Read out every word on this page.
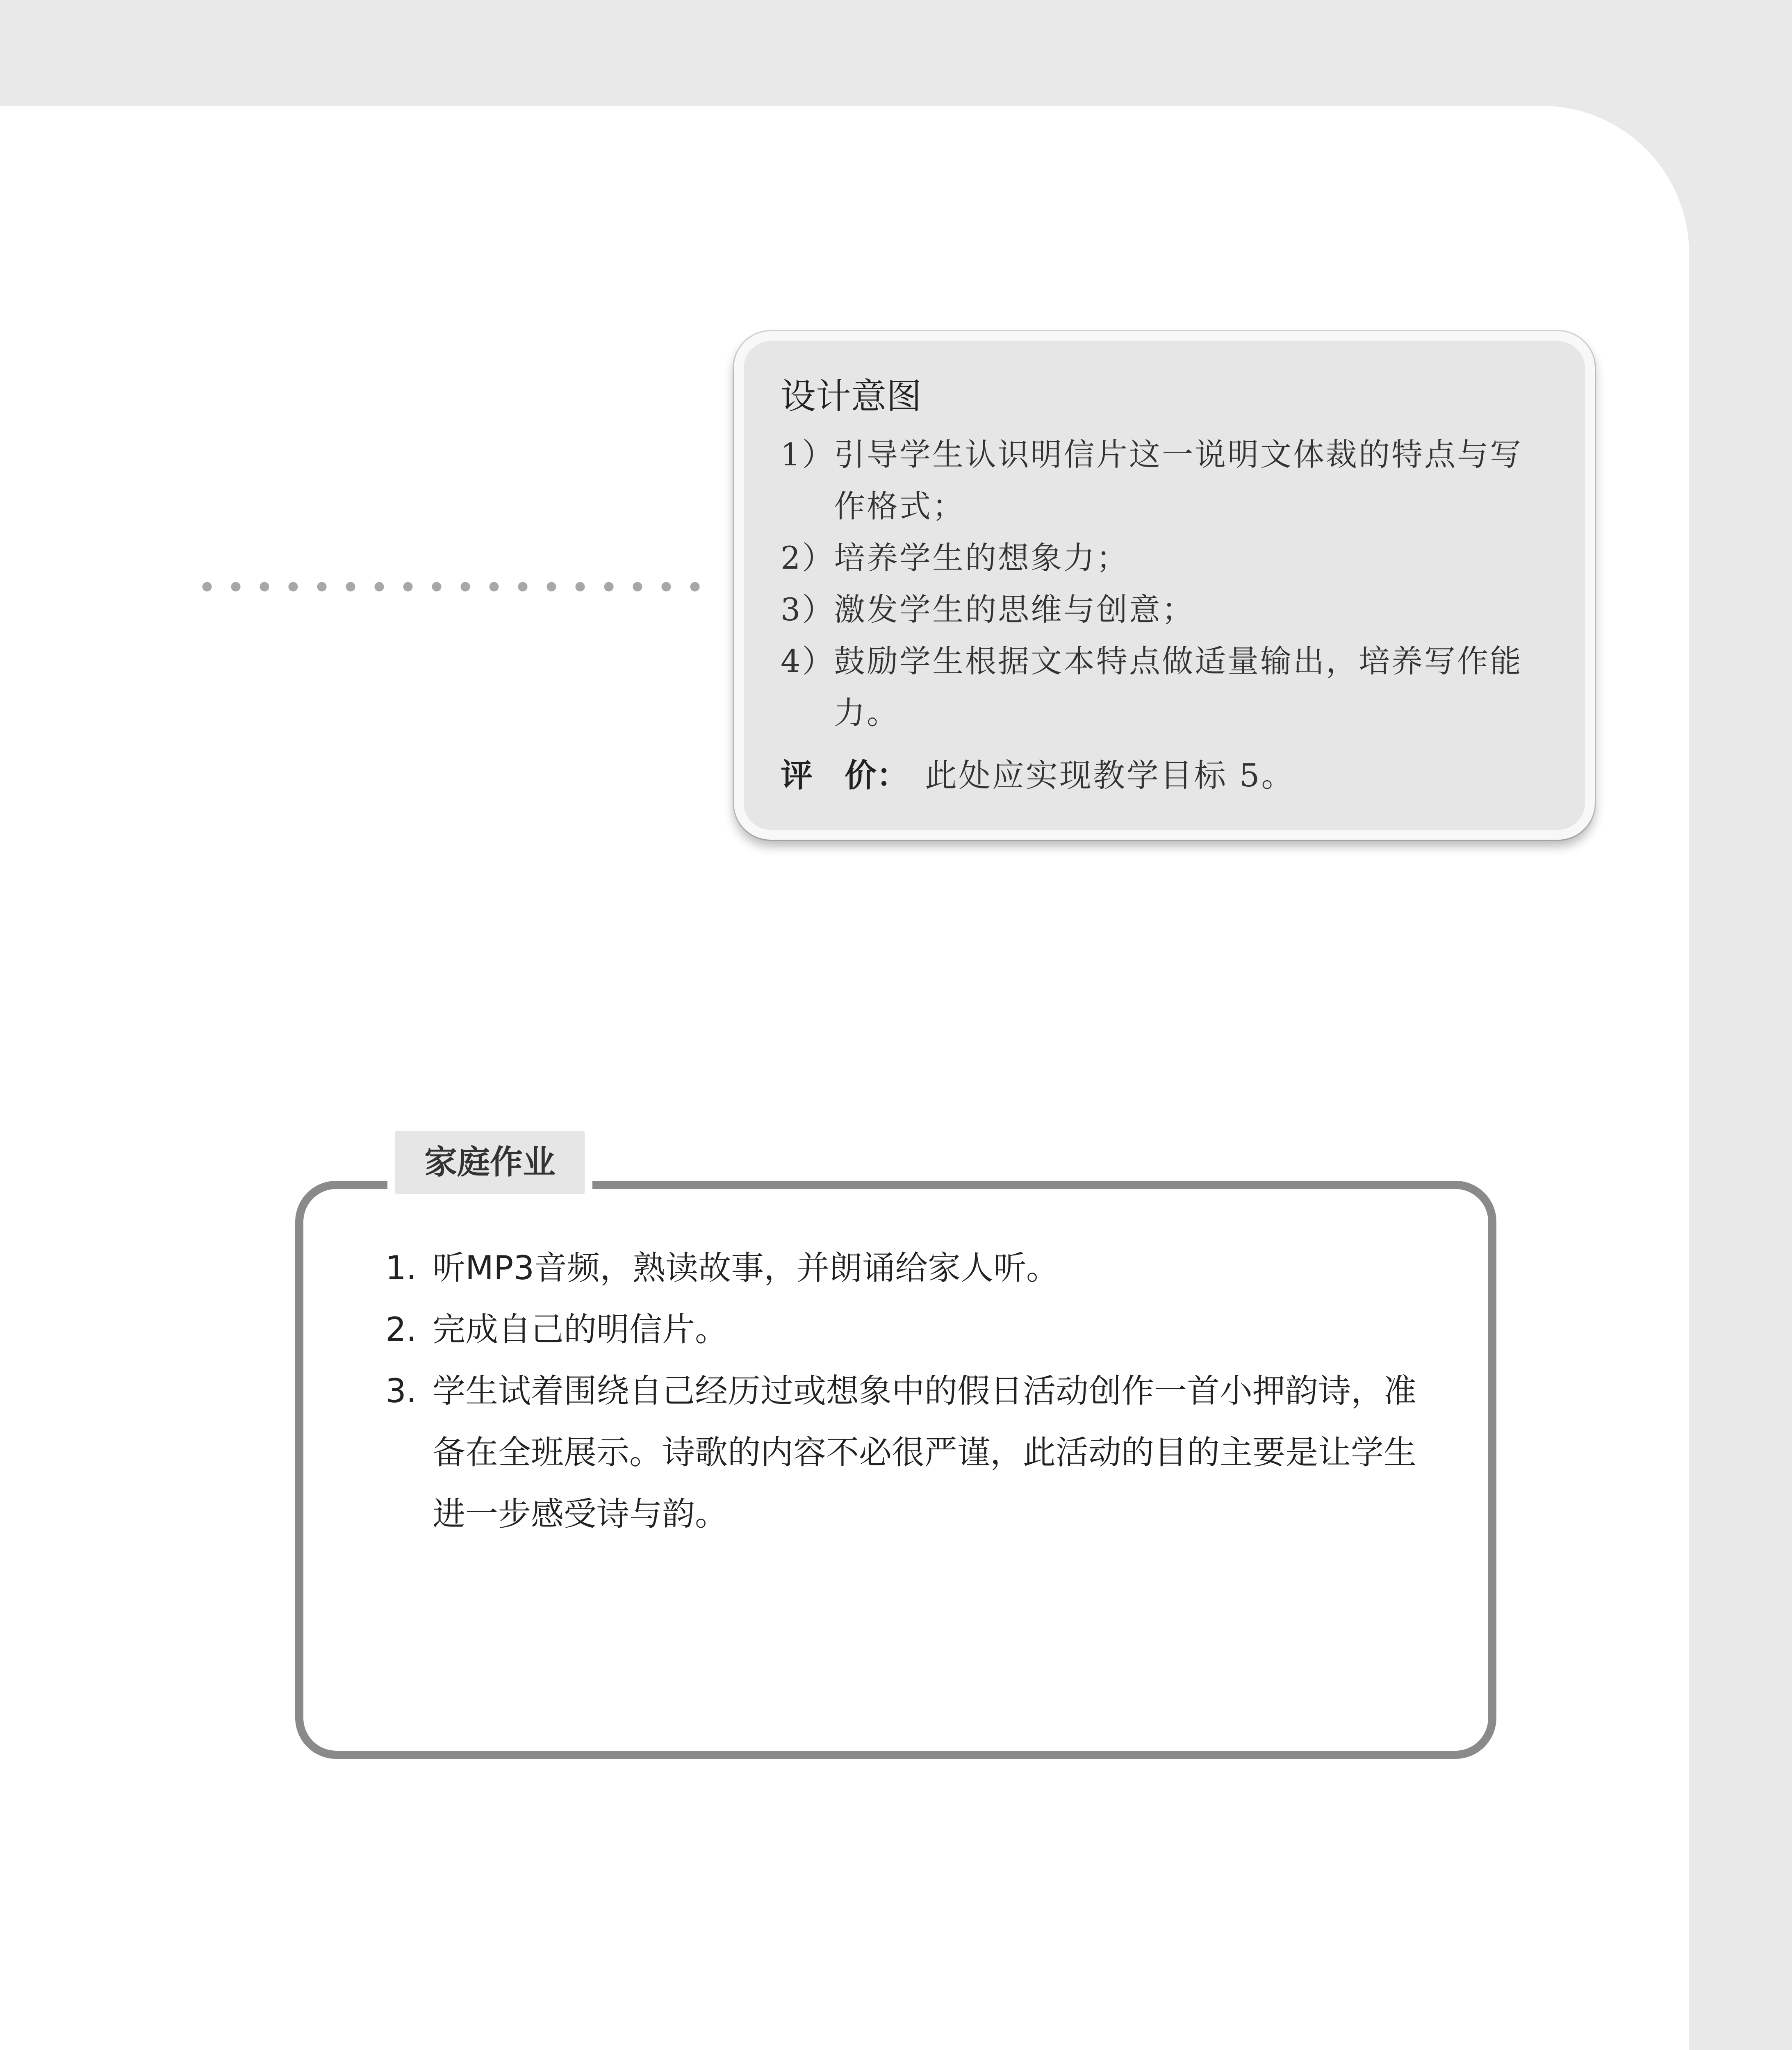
设计意图
1）引导学生认识明信片这一说明文体裁的特点与写作格式；
2）培养学生的想象力；
3）激发学生的思维与创意；
4）鼓励学生根据文本特点做适量输出，培养写作能力。
评　价： 此处应实现教学目标 5。
1. 听MP3音频，熟读故事，并朗诵给家人听。
2. 完成自己的明信片。
3. 学生试着围绕自己经历过或想象中的假日活动创作一首小押韵诗，准备在全班展示。诗歌的内容不必很严谨，此活动的目的主要是让学生进一步感受诗与韵。
家庭作业
